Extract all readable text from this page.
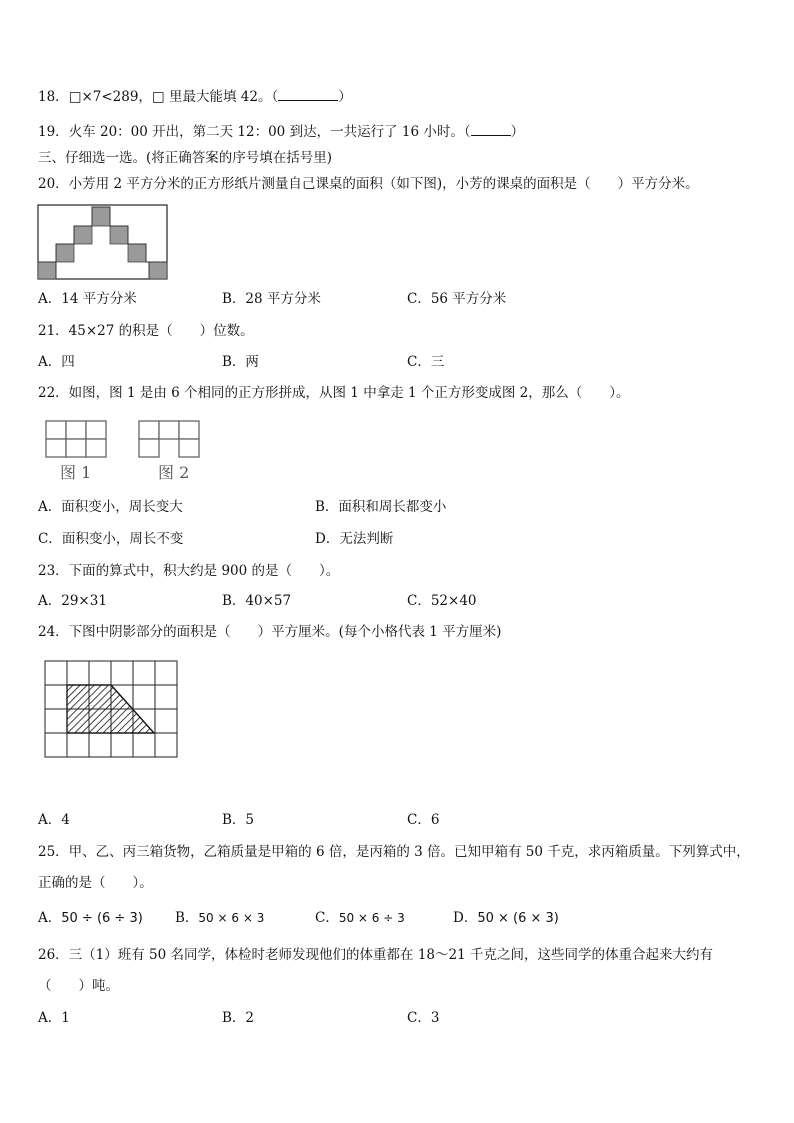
18．□×7<289，□ 里最大能填 42。（	）
19．火车 20：00 开出，第二天 12：00 到达，一共运行了 16 小时。（	）
三、仔细选一选。(将正确答案的序号填在括号里)
20．小芳用 2 平方分米的正方形纸片测量自己课桌的面积（如下图)，小芳的课桌的面积是（　　）平方分米。
A．14 平方分米	B．28 平方分米	C．56 平方分米
21．45×27 的积是（　　）位数。
A．四	B．两	C．三
22．如图，图 1 是由 6 个相同的正方形拼成，从图 1 中拿走 1 个正方形变成图 2，那么（　　）。
图 1	图 2
A．面积变小，周长变大	B．面积和周长都变小
C．面积变小，周长不变	D．无法判断
23．下面的算式中，积大约是 900 的是（　　）。
A．29×31	B．40×57	C．52×40
24．下图中阴影部分的面积是（　　）平方厘米。(每个小格代表 1 平方厘米)
A．4	B．5	C．6
25．甲、乙、丙三箱货物，乙箱质量是甲箱的 6 倍，是丙箱的 3 倍。已知甲箱有 50 千克，求丙箱质量。下列算式中，
正确的是（　　）。
A．50 ÷ (6 ÷ 3) B．50 × 6 × 3	C．50 × 6 ÷ 3	D．50 × (6 × 3)
26．三（1）班有 50 名同学，体检时老师发现他们的体重都在 18～21 千克之间，这些同学的体重合起来大约有
（　　）吨。
A．1	B．2	C．3
